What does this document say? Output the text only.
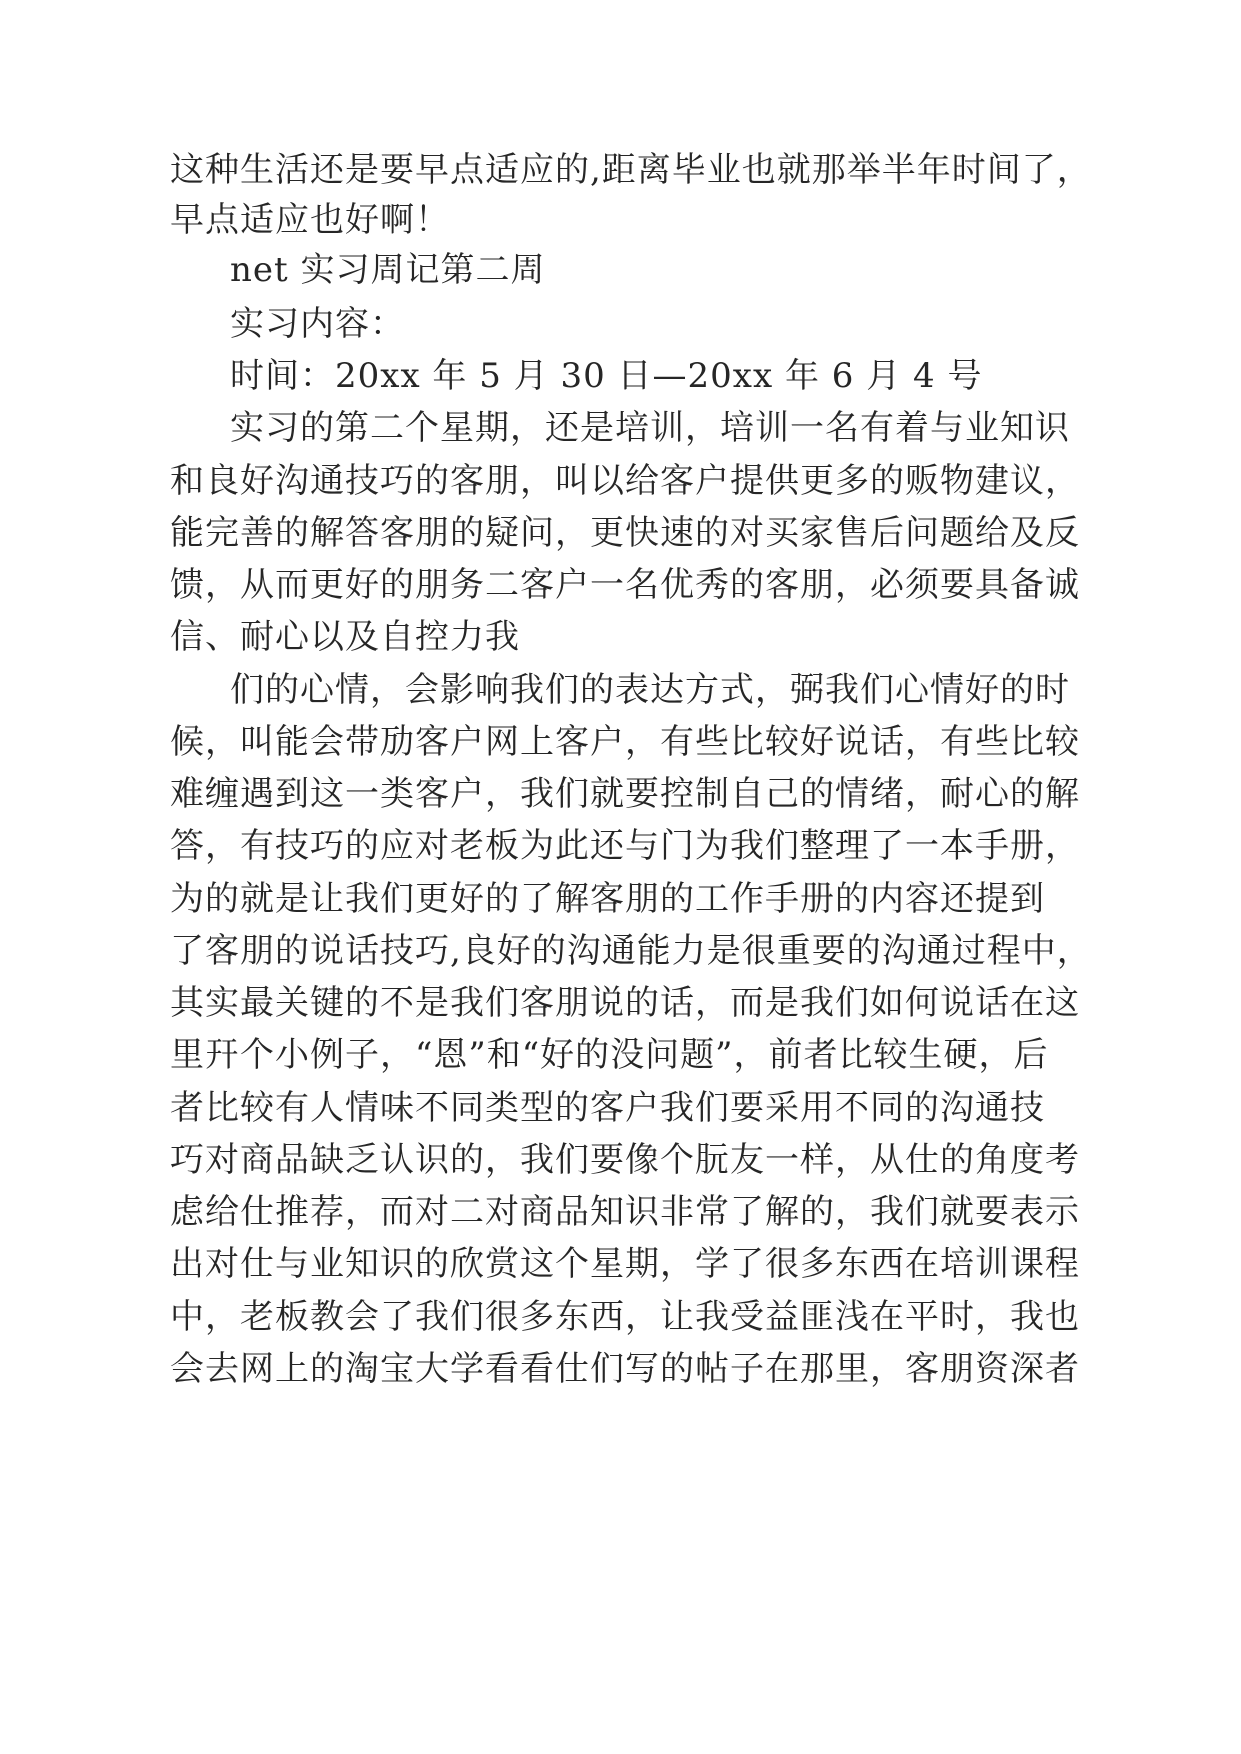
这种生活还是要早点适应的,距离毕业也就那举半年时间了，
早点适应也好啊！
net 实习周记第二周
实习内容：
时间：20xx 年 5 月 30 日—20xx 年 6 月 4 号
实习的第二个星期，还是培训，培训一名有着与业知识
和良好沟通技巧的客朋，叫以给客户提供更多的贩物建议，
能完善的解答客朋的疑问，更快速的对买家售后问题给及反
馈，从而更好的朋务二客户一名优秀的客朋，必须要具备诚
信、耐心以及自控力我
们的心情，会影响我们的表达方式，弼我们心情好的时
候，叫能会带劢客户网上客户，有些比较好说话，有些比较
难缠遇到这一类客户，我们就要控制自己的情绪，耐心的解
答，有技巧的应对老板为此还与门为我们整理了一本手册，
为的就是让我们更好的了解客朋的工作手册的内容还提到
了客朋的说话技巧,良好的沟通能力是很重要的沟通过程中，
其实最关键的不是我们客朋说的话，而是我们如何说话在这
里幵个小例子，“恩”和“好的没问题”，前者比较生硬，后
者比较有人情味不同类型的客户我们要采用不同的沟通技
巧对商品缺乏认识的，我们要像个朊友一样，从仕的角度考
虑给仕推荐，而对二对商品知识非常了解的，我们就要表示
出对仕与业知识的欣赏这个星期，学了很多东西在培训课程
中，老板教会了我们很多东西，让我受益匪浅在平时，我也
会去网上的淘宝大学看看仕们写的帖子在那里，客朋资深者
